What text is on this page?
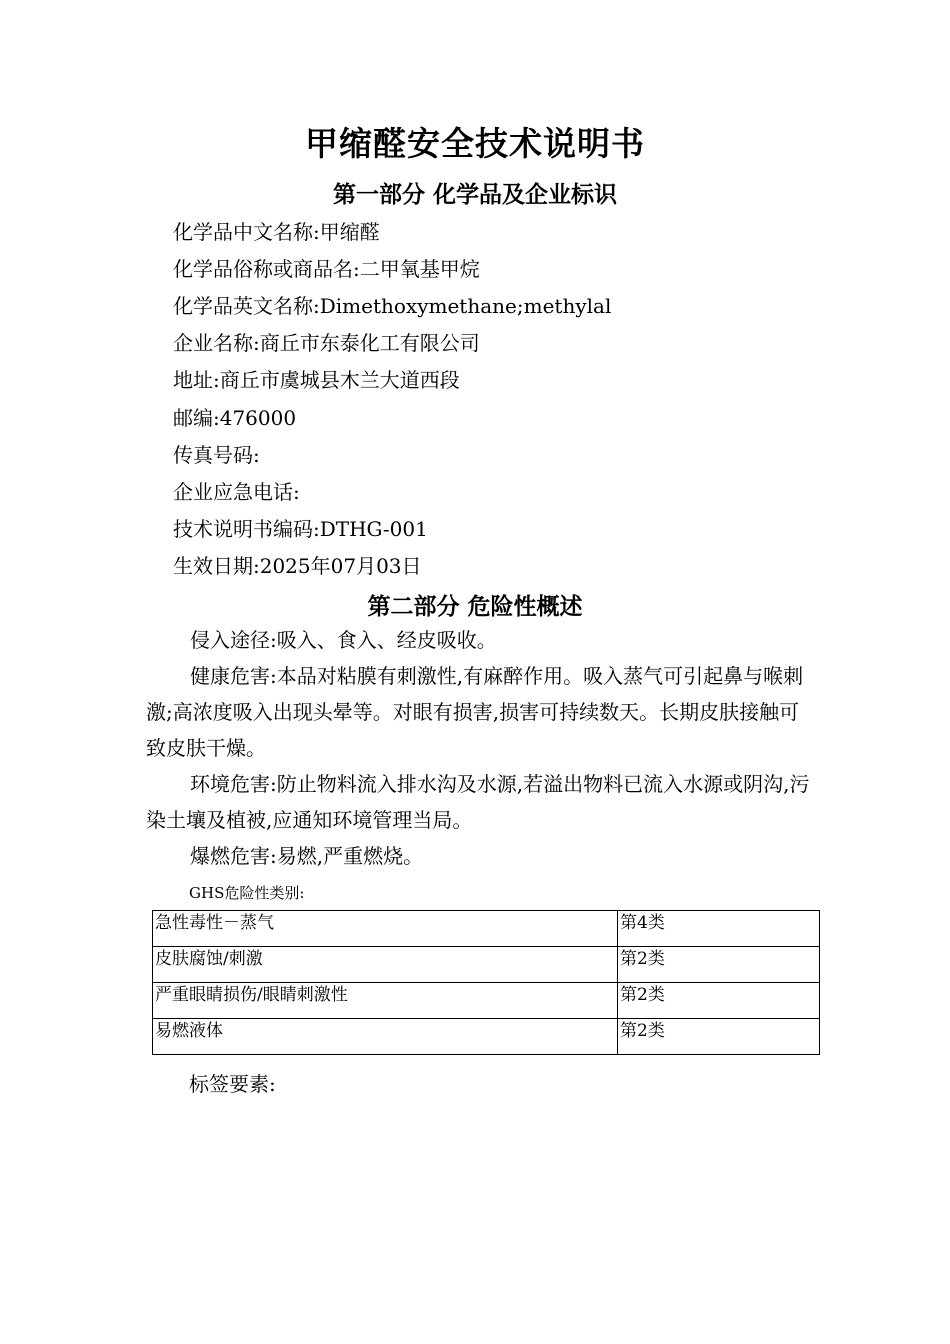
甲缩醛安全技术说明书
第一部分 化学品及企业标识
化学品中文名称:甲缩醛
化学品俗称或商品名:二甲氧基甲烷
化学品英文名称:Dimethoxymethane;methylal
企业名称:商丘市东泰化工有限公司
地址:商丘市虞城县木兰大道西段
邮编:476000
传真号码:
企业应急电话:
技术说明书编码:DTHG-001
生效日期:2025年07月03日
第二部分 危险性概述
侵入途径:吸入、食入、经皮吸收。
健康危害:本品对粘膜有刺激性,有麻醉作用。吸入蒸气可引起鼻与喉刺激;高浓度吸入出现头晕等。对眼有损害,损害可持续数天。长期皮肤接触可致皮肤干燥。
环境危害:防止物料流入排水沟及水源,若溢出物料已流入水源或阴沟,污染土壤及植被,应通知环境管理当局。
爆燃危害:易燃,严重燃烧。
GHS危险性类别:
急性毒性－蒸气	第4类
皮肤腐蚀/刺激	第2类
严重眼睛损伤/眼睛刺激性	第2类
易燃液体	第2类
标签要素:
